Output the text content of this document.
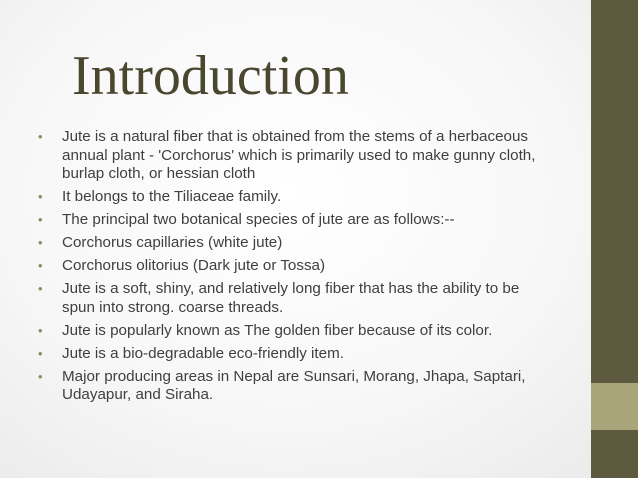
Introduction
• Jute is a natural fiber that is obtained from the stems of a herbaceous annual plant - 'Corchorus' which is primarily used to make gunny cloth, burlap cloth, or hessian cloth
• It belongs to the Tiliaceae family.
• The principal two botanical species of jute are as follows:--
• Corchorus capillaries (white jute)
• Corchorus olitorius (Dark jute or Tossa)
• Jute is a soft, shiny, and relatively long fiber that has the ability to be spun into strong. coarse threads.
• Jute is popularly known as The golden fiber because of its color.
• Jute is a bio-degradable eco-friendly item.
• Major producing areas in Nepal are Sunsari, Morang, Jhapa, Saptari, Udayapur, and Siraha.
